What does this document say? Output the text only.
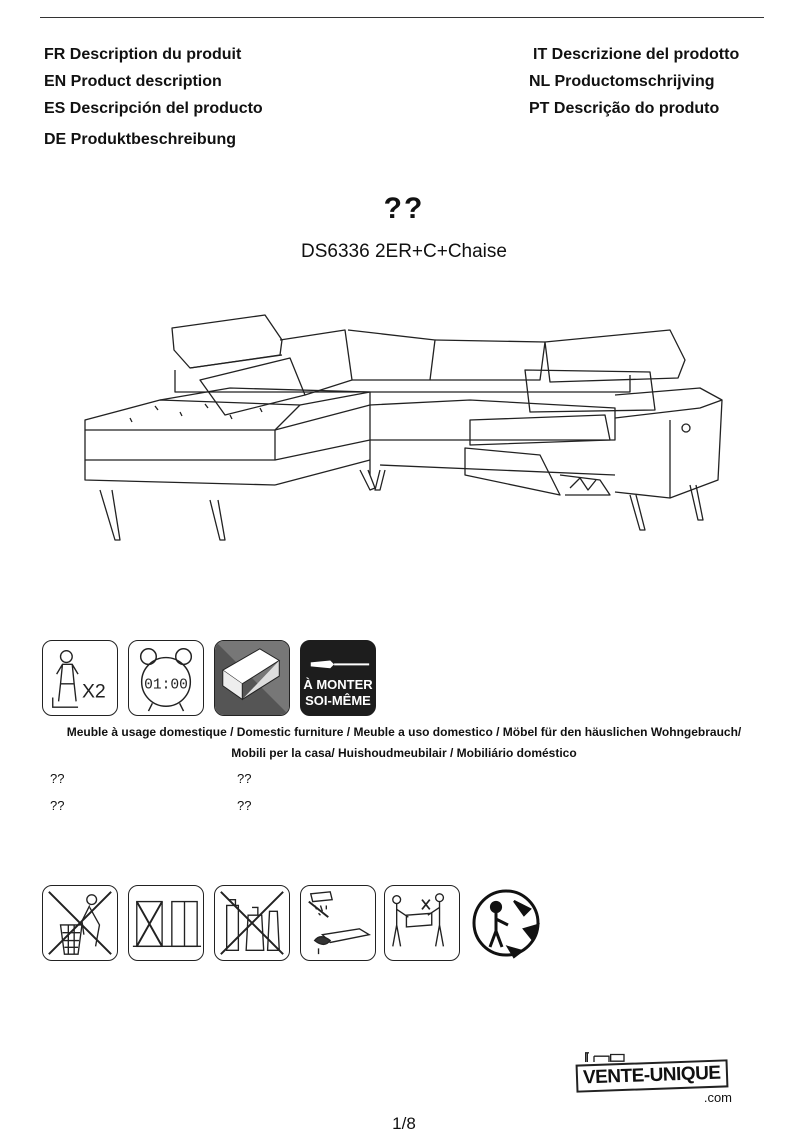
FR Description du produit
EN Product description
ES Descripción del producto
DE Produktbeschreibung
IT Descrizione del prodotto
NL Productomschrijving
PT Descrição do produto
??
DS6336 2ER+C+Chaise
X2	01:00	À MONTER
SOI-MÊME
Meuble à usage domestique / Domestic furniture / Meuble a uso domestico / Möbel für den häuslichen Wohngebrauch/
Mobili per la casa/ Huishoudmeubilair / Mobiliário doméstico
??	??
??	??
VENTE-UNIQUE
.com
1/8
